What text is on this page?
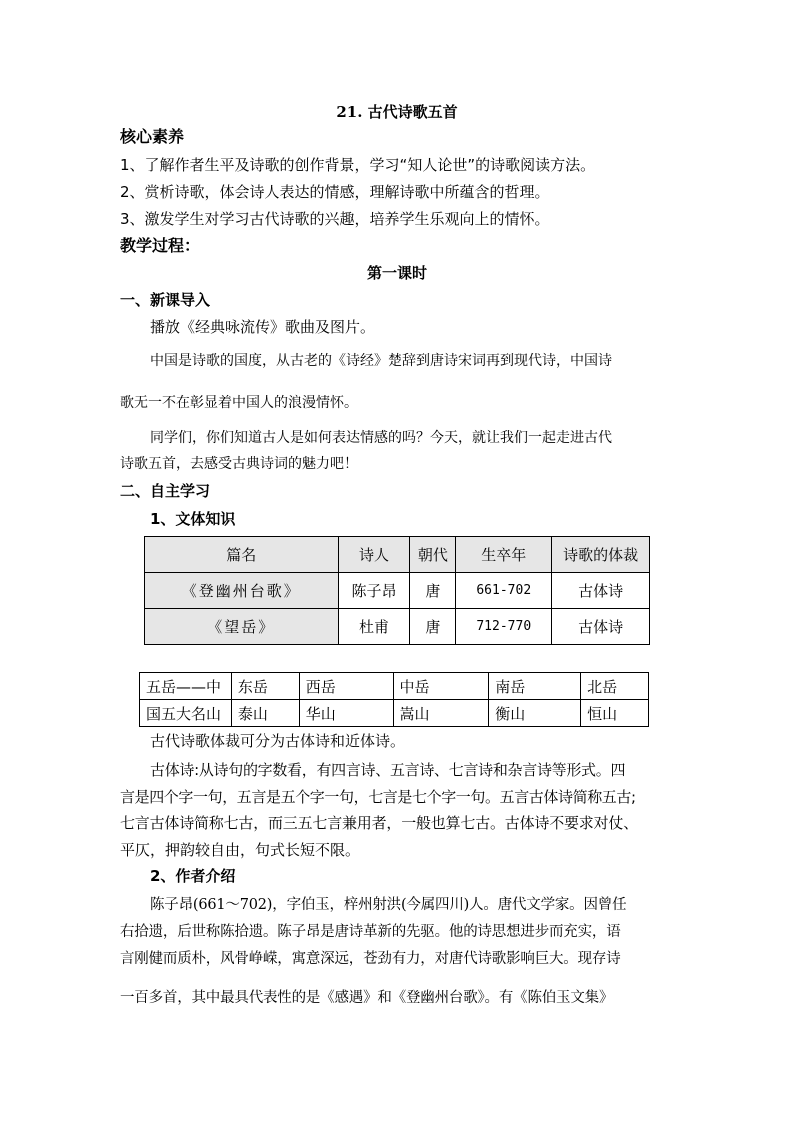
21. 古代诗歌五首
核心素养
1、了解作者生平及诗歌的创作背景，学习“知人论世”的诗歌阅读方法。
2、赏析诗歌，体会诗人表达的情感，理解诗歌中所蕴含的哲理。
3、激发学生对学习古代诗歌的兴趣，培养学生乐观向上的情怀。
教学过程：
第一课时
一、新课导入
播放《经典咏流传》歌曲及图片。
中国是诗歌的国度，从古老的《诗经》楚辞到唐诗宋词再到现代诗，中国诗
歌无一不在彰显着中国人的浪漫情怀。
同学们，你们知道古人是如何表达情感的吗？今天，就让我们一起走进古代
诗歌五首，去感受古典诗词的魅力吧！
二、自主学习
1、文体知识
篇名	诗人	朝代	生卒年	诗歌的体裁
《登幽州台歌》	陈子昂	唐	661-702	古体诗
《望岳》	杜甫	唐	712-770	古体诗
五岳——中	东岳	西岳	中岳	南岳	北岳
国五大名山	泰山	华山	嵩山	衡山	恒山
古代诗歌体裁可分为古体诗和近体诗。
古体诗:从诗句的字数看，有四言诗、五言诗、七言诗和杂言诗等形式。四
言是四个字一句，五言是五个字一句，七言是七个字一句。五言古体诗简称五古;
七言古体诗简称七古，而三五七言兼用者，一般也算七古。古体诗不要求对仗、
平仄，押韵较自由，句式长短不限。
2、作者介绍
陈子昂(661～702)，字伯玉，梓州射洪(今属四川)人。唐代文学家。因曾任
右拾遗，后世称陈拾遗。陈子昂是唐诗革新的先驱。他的诗思想进步而充实，语
言刚健而质朴，风骨峥嵘，寓意深远，苍劲有力，对唐代诗歌影响巨大。现存诗
一百多首，其中最具代表性的是《感遇》和《登幽州台歌》。有《陈伯玉文集》
